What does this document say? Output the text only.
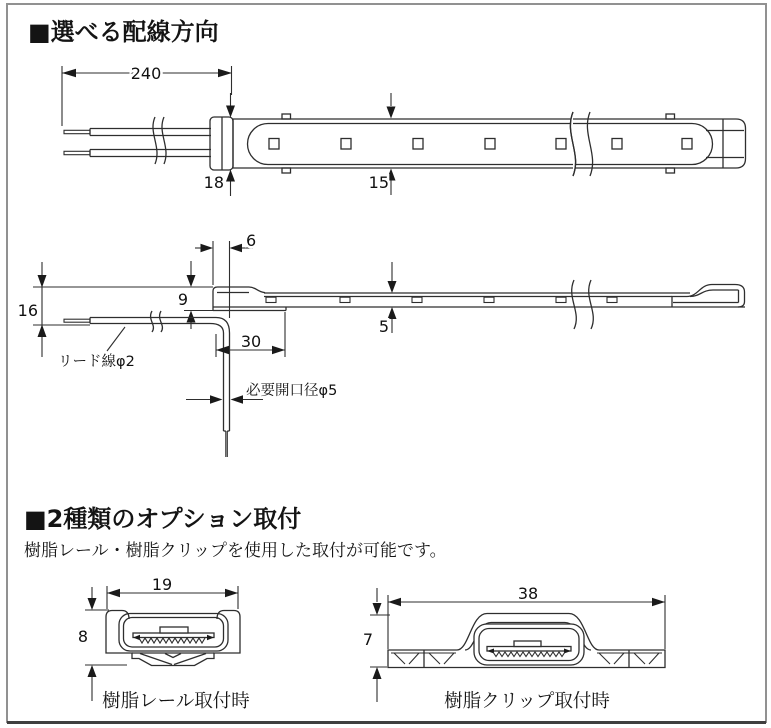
■選べる配線方向
240
18	15
16
9
6
30
5
リード線φ2
必要開口径φ5
■2種類のオプション取付
樹脂レール・樹脂クリップを使用した取付が可能です。
19
8
樹脂レール取付時
38
7
樹脂クリップ取付時
